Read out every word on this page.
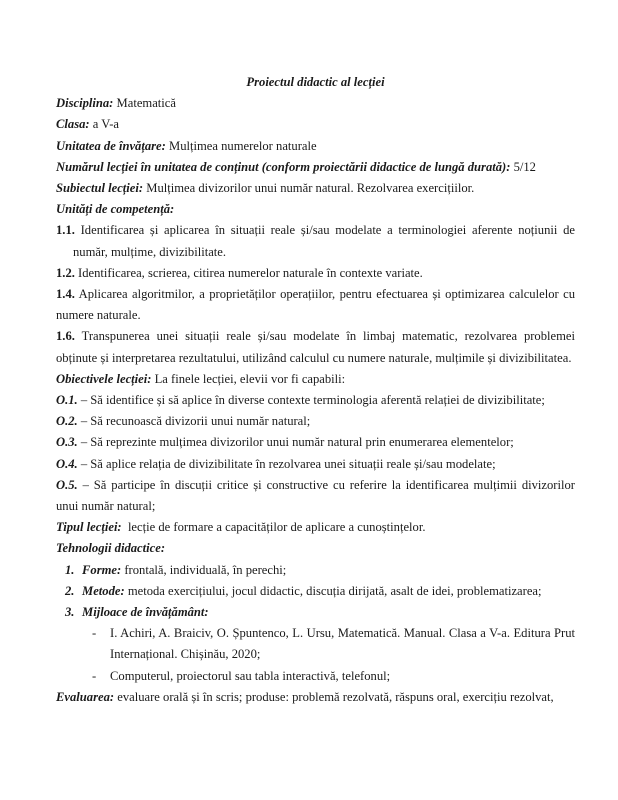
Proiectul didactic al lecției

Disciplina: Matematică

Clasa: a V-a

Unitatea de învățare: Mulțimea numerelor naturale

Numărul lecției în unitatea de conținut (conform proiectării didactice de lungă durată): 5/12

Subiectul lecției: Mulțimea divizorilor unui număr natural. Rezolvarea exercițiilor.

Unități de competență:

1.1. Identificarea și aplicarea în situații reale și/sau modelate a terminologiei aferente noțiunii de număr, mulțime, divizibilitate.

1.2. Identificarea, scrierea, citirea numerelor naturale în contexte variate.

1.4. Aplicarea algoritmilor, a proprietăților operațiilor, pentru efectuarea și optimizarea calculelor cu numere naturale.

1.6. Transpunerea unei situații reale și/sau modelate în limbaj matematic, rezolvarea problemei obținute și interpretarea rezultatului, utilizând calculul cu numere naturale, mulțimile și divizibilitatea.

Obiectivele lecției: La finele lecției, elevii vor fi capabili:

O.1. – Să identifice și să aplice în diverse contexte terminologia aferentă relației de divizibilitate;

O.2. – Să recunoască divizorii unui număr natural;

O.3. – Să reprezinte mulțimea divizorilor unui număr natural prin enumerarea elementelor;

O.4. – Să aplice relația de divizibilitate în rezolvarea unei situații reale și/sau modelate;

O.5. – Să participe în discuții critice și constructive cu referire la identificarea mulțimii divizorilor unui număr natural;

Tipul lecției: lecție de formare a capacităților de aplicare a cunoștințelor.

Tehnologii didactice:

1. Forme: frontală, individuală, în perechi;
2. Metode: metoda exercițiului, jocul didactic, discuția dirijată, asalt de idei, problematizarea;
3. Mijloace de învățământ:
- I. Achiri, A. Braiciv, O. Șpuntenco, L. Ursu, Matematică. Manual. Clasa a V-a. Editura Prut Internațional. Chișinău, 2020;
- Computerul, proiectorul sau tabla interactivă, telefonul;

Evaluarea: evaluare orală și în scris; produse: problemă rezolvată, răspuns oral, exercițiu rezolvat,
